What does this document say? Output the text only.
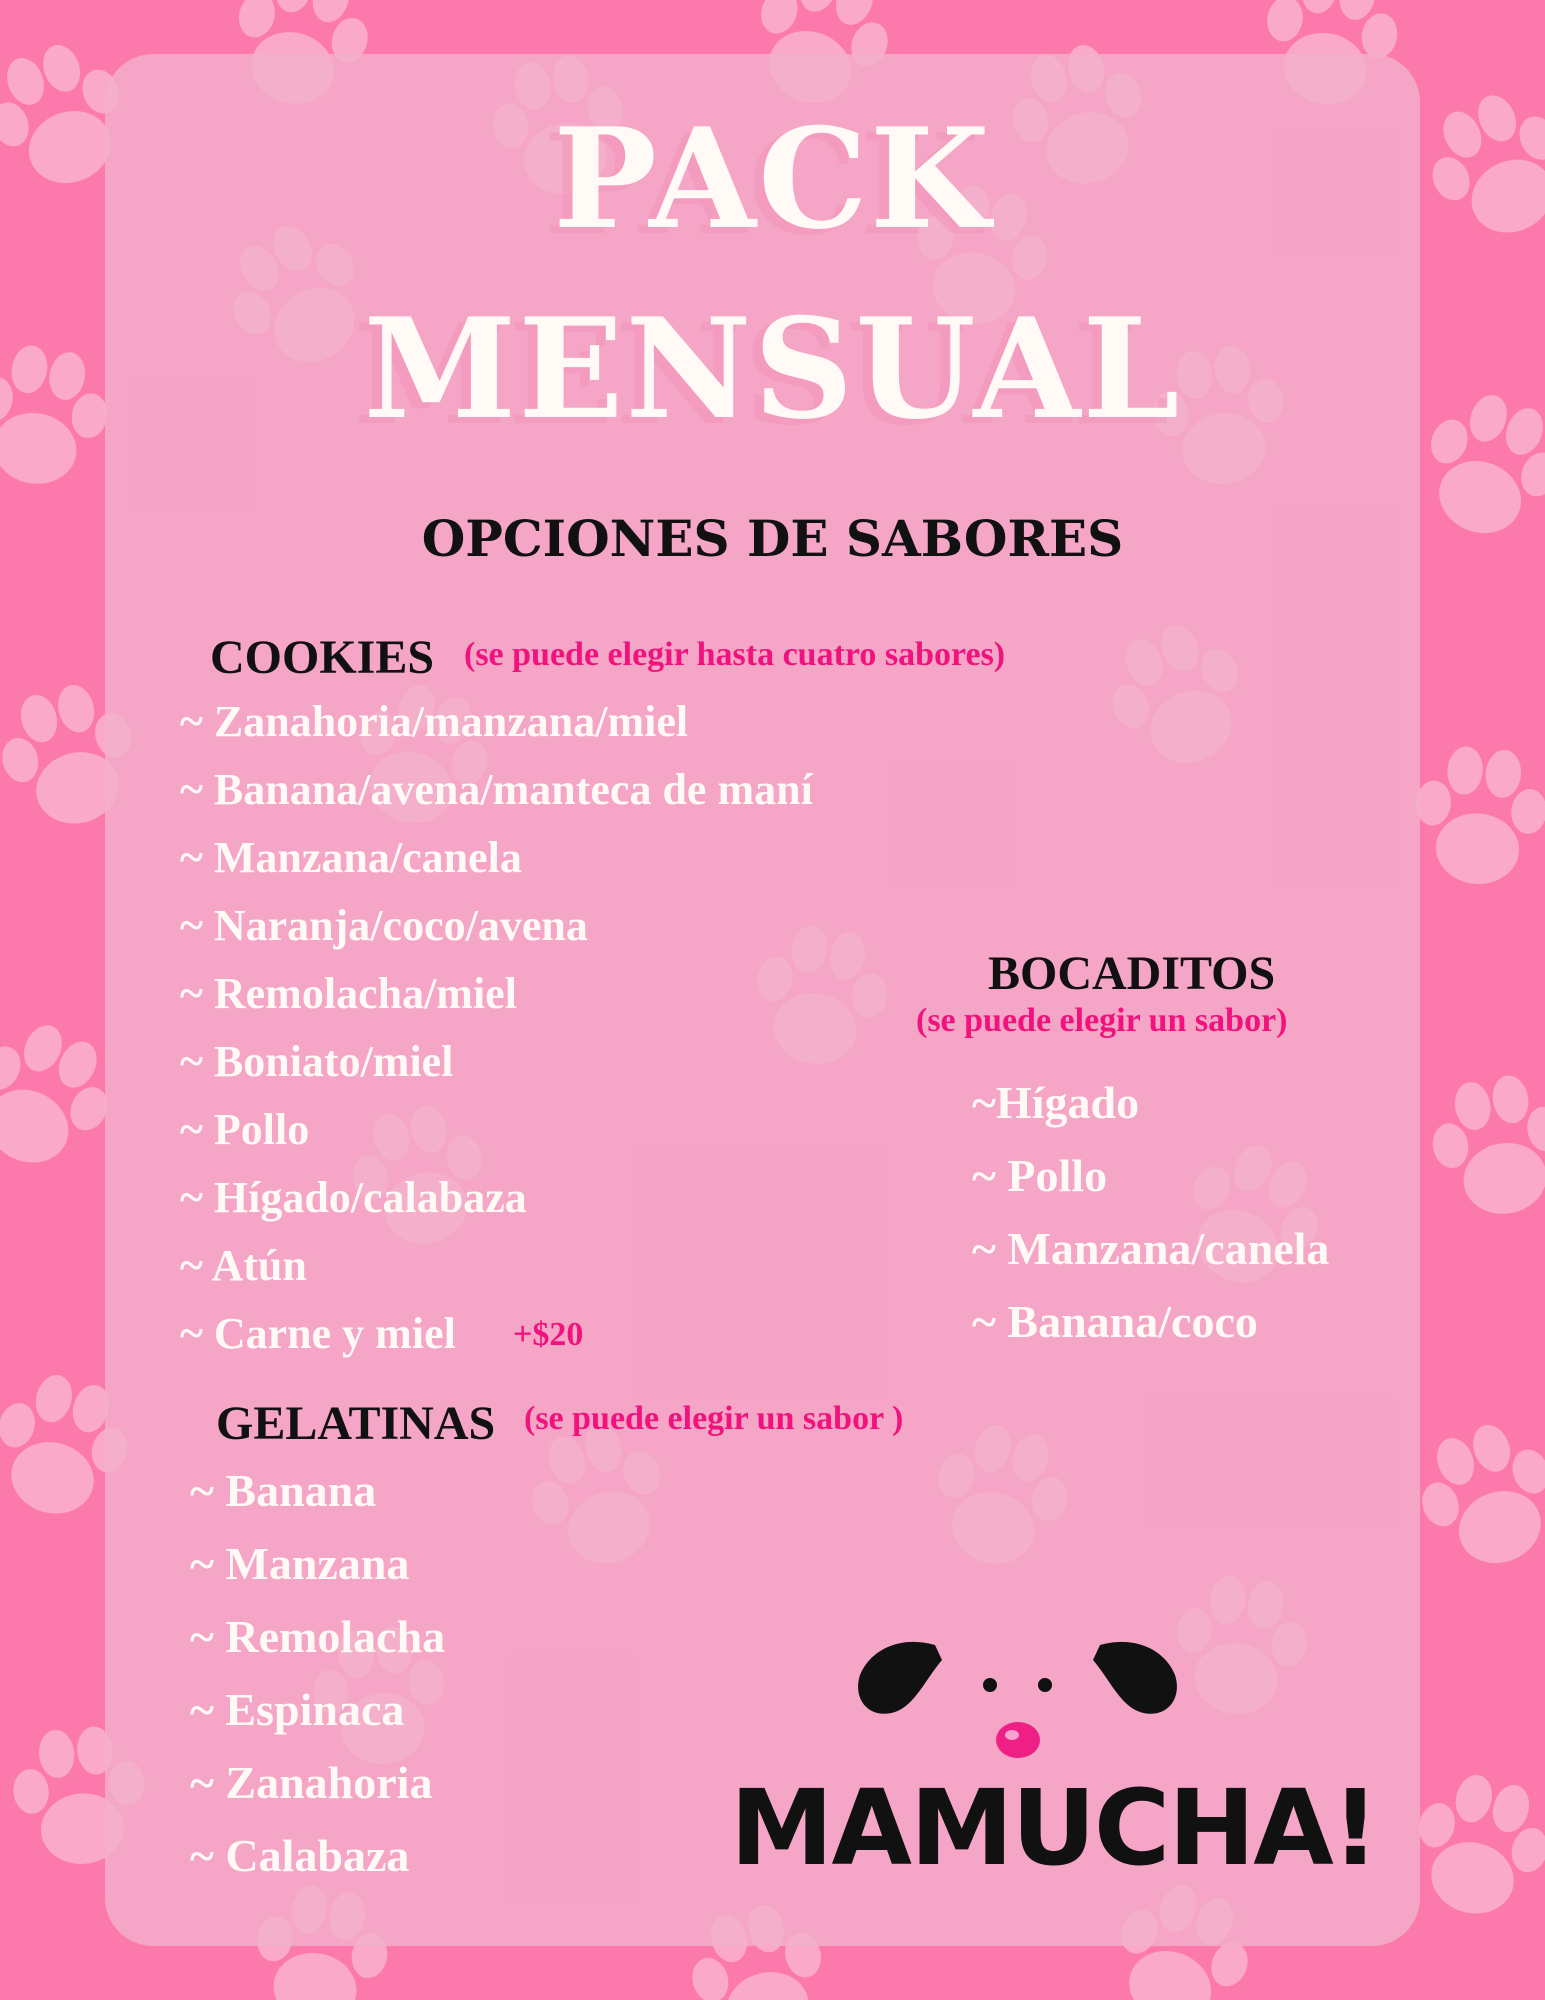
PACK
MENSUAL
OPCIONES DE SABORES
COOKIES (se puede elegir hasta cuatro sabores)
~ Zanahoria/manzana/miel
~ Banana/avena/manteca de maní
~ Manzana/canela
~ Naranja/coco/avena
~ Remolacha/miel
~ Boniato/miel
~ Pollo
~ Hígado/calabaza
~ Atún
~ Carne y miel +$20
BOCADITOS
(se puede elegir un sabor)
~Hígado
~ Pollo
~ Manzana/canela
~ Banana/coco
GELATINAS (se puede elegir un sabor )
~ Banana
~ Manzana
~ Remolacha
~ Espinaca
~ Zanahoria
~ Calabaza	MAMUCHA!
